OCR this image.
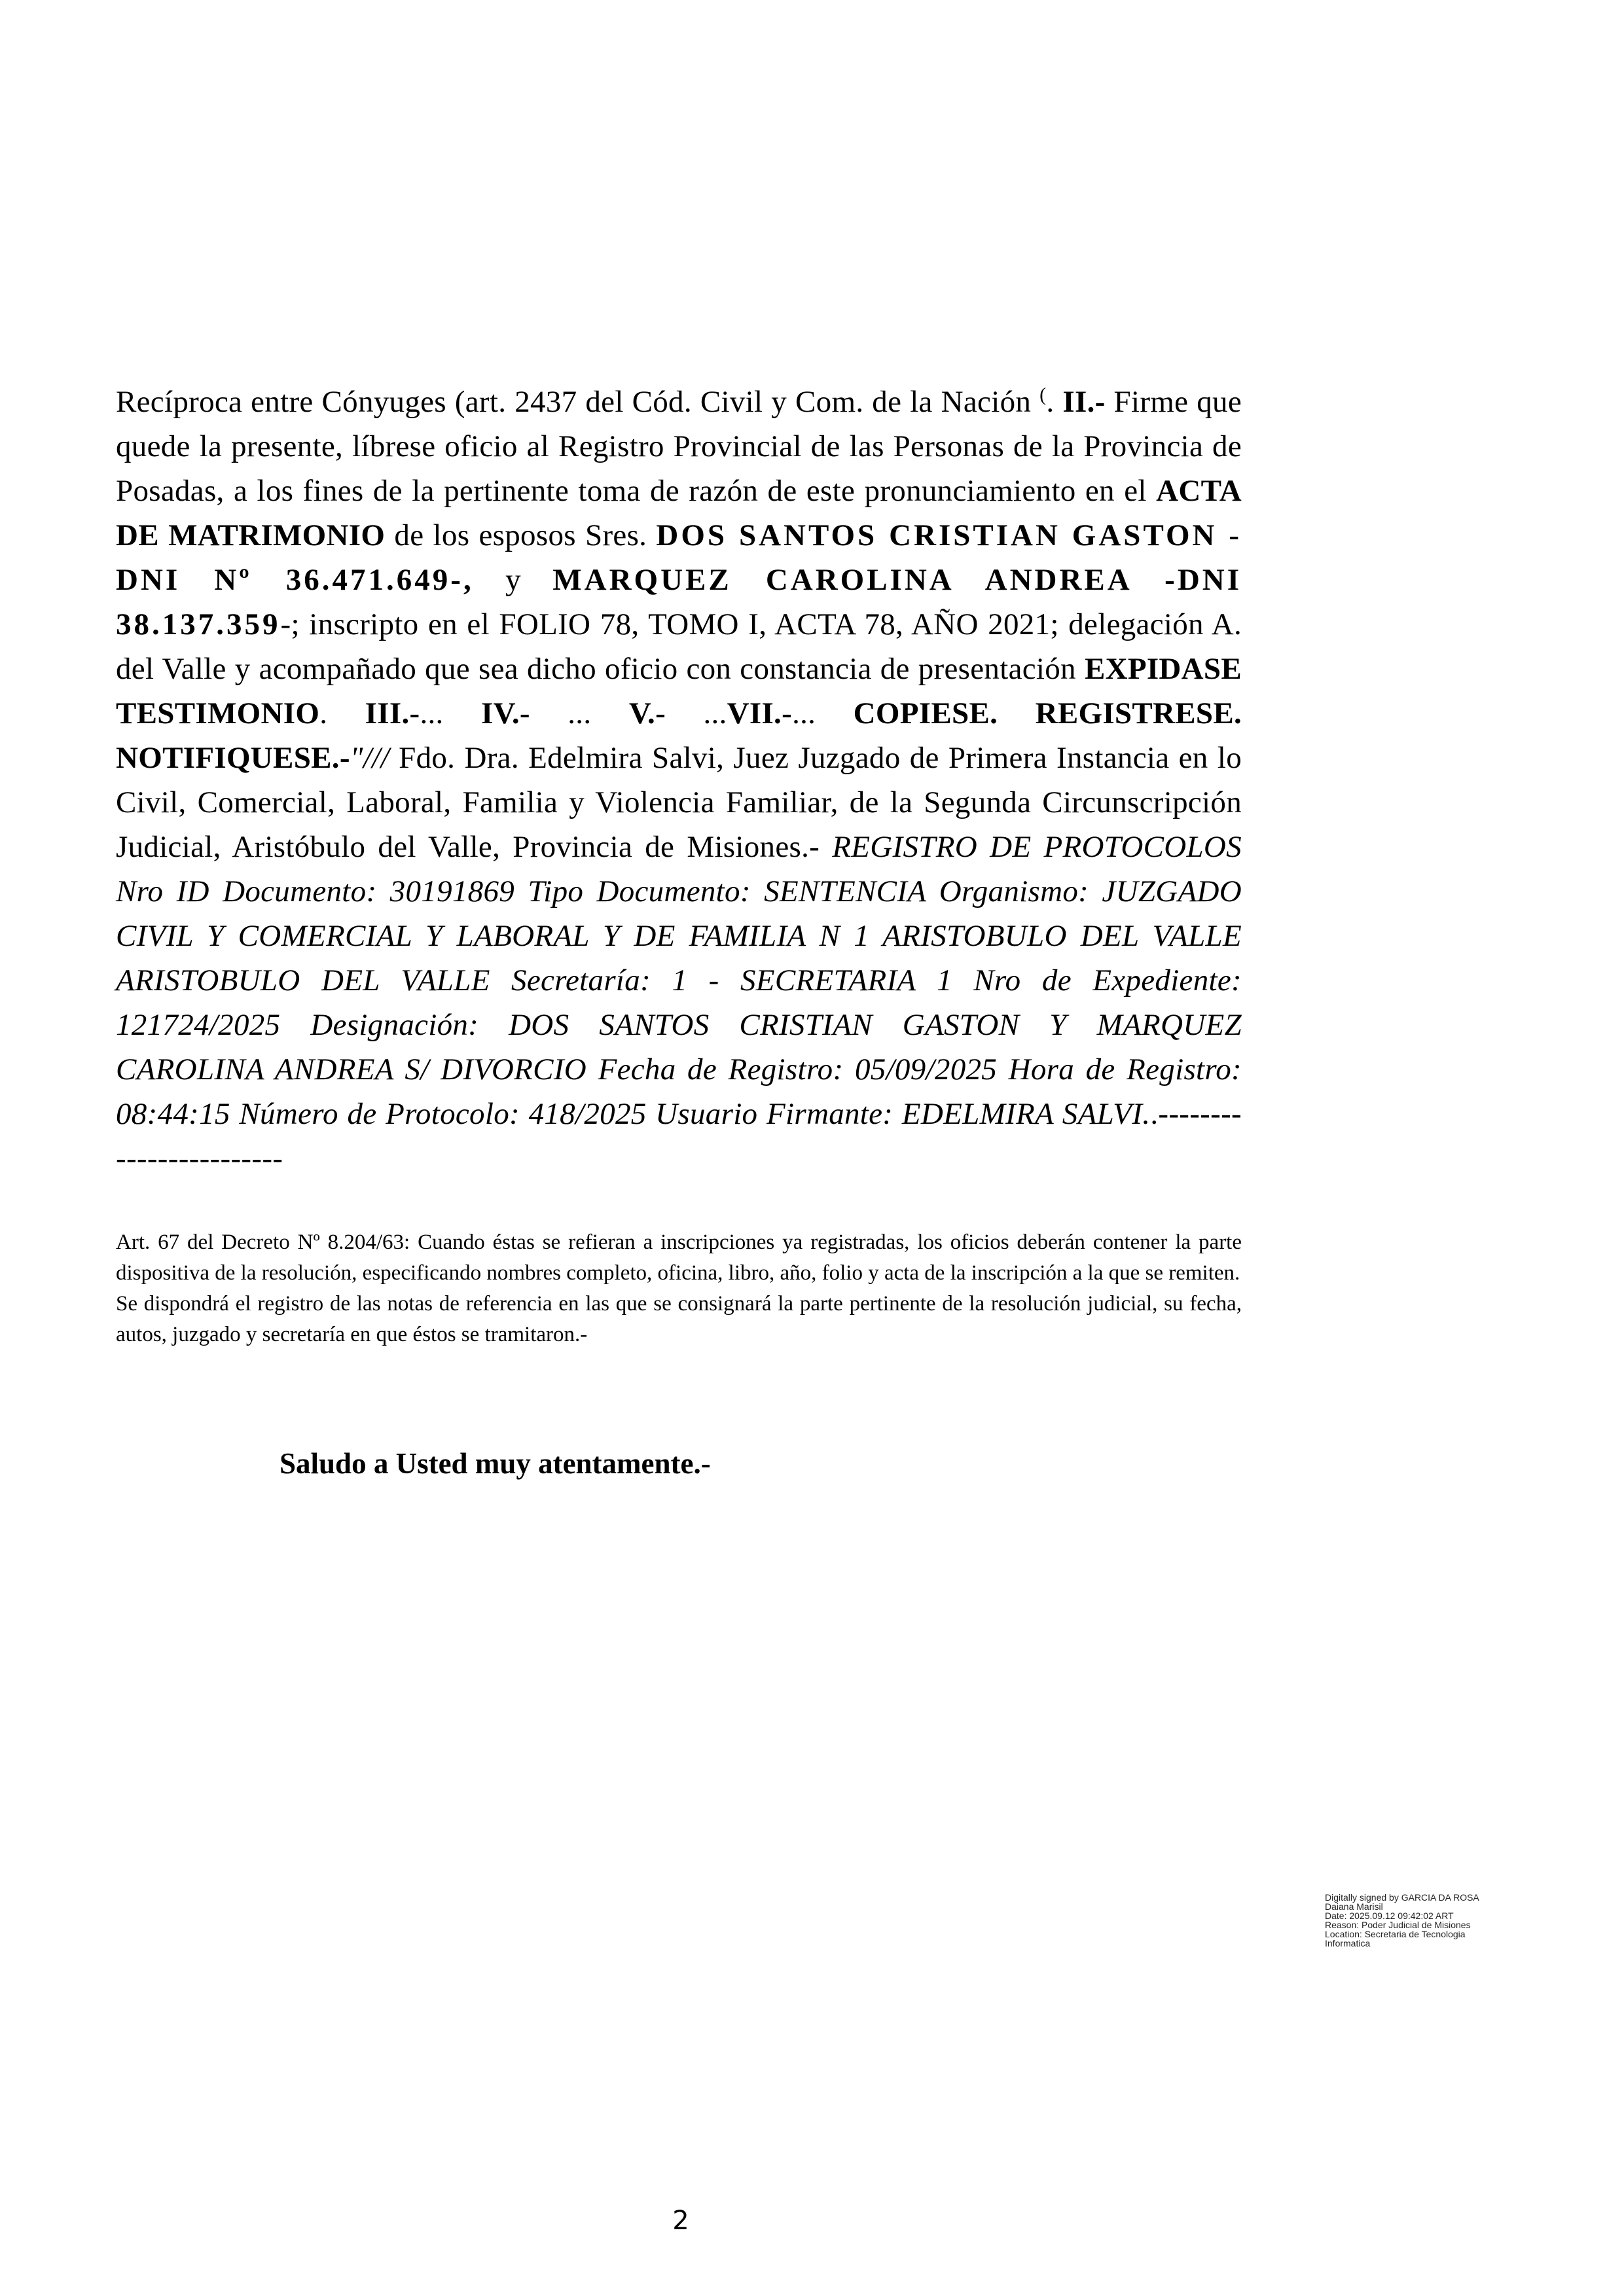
Recíproca entre Cónyuges (art. 2437 del Cód. Civil y Com. de la Nación (. II.- Firme que quede la presente, líbrese oficio al Registro Provincial de las Personas de la Provincia de Posadas, a los fines de la pertinente toma de razón de este pronunciamiento en el ACTA DE MATRIMONIO de los esposos Sres. DOS SANTOS CRISTIAN GASTON - DNI Nº 36.471.649-, y MARQUEZ CAROLINA ANDREA -DNI 38.137.359-; inscripto en el FOLIO 78, TOMO I, ACTA 78, AÑO 2021; delegación A. del Valle y acompañado que sea dicho oficio con constancia de presentación EXPIDASE TESTIMONIO. III.-... IV.- ... V.- ...VII.-... COPIESE. REGISTRESE. NOTIFIQUESE.-"/// Fdo. Dra. Edelmira Salvi, Juez Juzgado de Primera Instancia en lo Civil, Comercial, Laboral, Familia y Violencia Familiar, de la Segunda Circunscripción Judicial, Aristóbulo del Valle, Provincia de Misiones.- REGISTRO DE PROTOCOLOS Nro ID Documento: 30191869 Tipo Documento: SENTENCIA Organismo: JUZGADO CIVIL Y COMERCIAL Y LABORAL Y DE FAMILIA N 1 ARISTOBULO DEL VALLE ARISTOBULO DEL VALLE Secretaría: 1 - SECRETARIA 1 Nro de Expediente: 121724/2025 Designación: DOS SANTOS CRISTIAN GASTON Y MARQUEZ CAROLINA ANDREA S/ DIVORCIO Fecha de Registro: 05/09/2025 Hora de Registro: 08:44:15 Número de Protocolo: 418/2025 Usuario Firmante: EDELMIRA SALVI..------------------------

Art. 67 del Decreto Nº 8.204/63: Cuando éstas se refieran a inscripciones ya registradas, los oficios deberán contener la parte dispositiva de la resolución, especificando nombres completo, oficina, libro, año, folio y acta de la inscripción a la que se remiten.

Se dispondrá el registro de las notas de referencia en las que se consignará la parte pertinente de la resolución judicial, su fecha, autos, juzgado y secretaría en que éstos se tramitaron.-

Saludo a Usted muy atentamente.-
Digitally signed by GARCIA DA ROSA
Daiana Marisil
Date: 2025.09.12 09:42:02 ART
Reason: Poder Judicial de Misiones
Location: Secretaria de Tecnologia
Informatica
2
